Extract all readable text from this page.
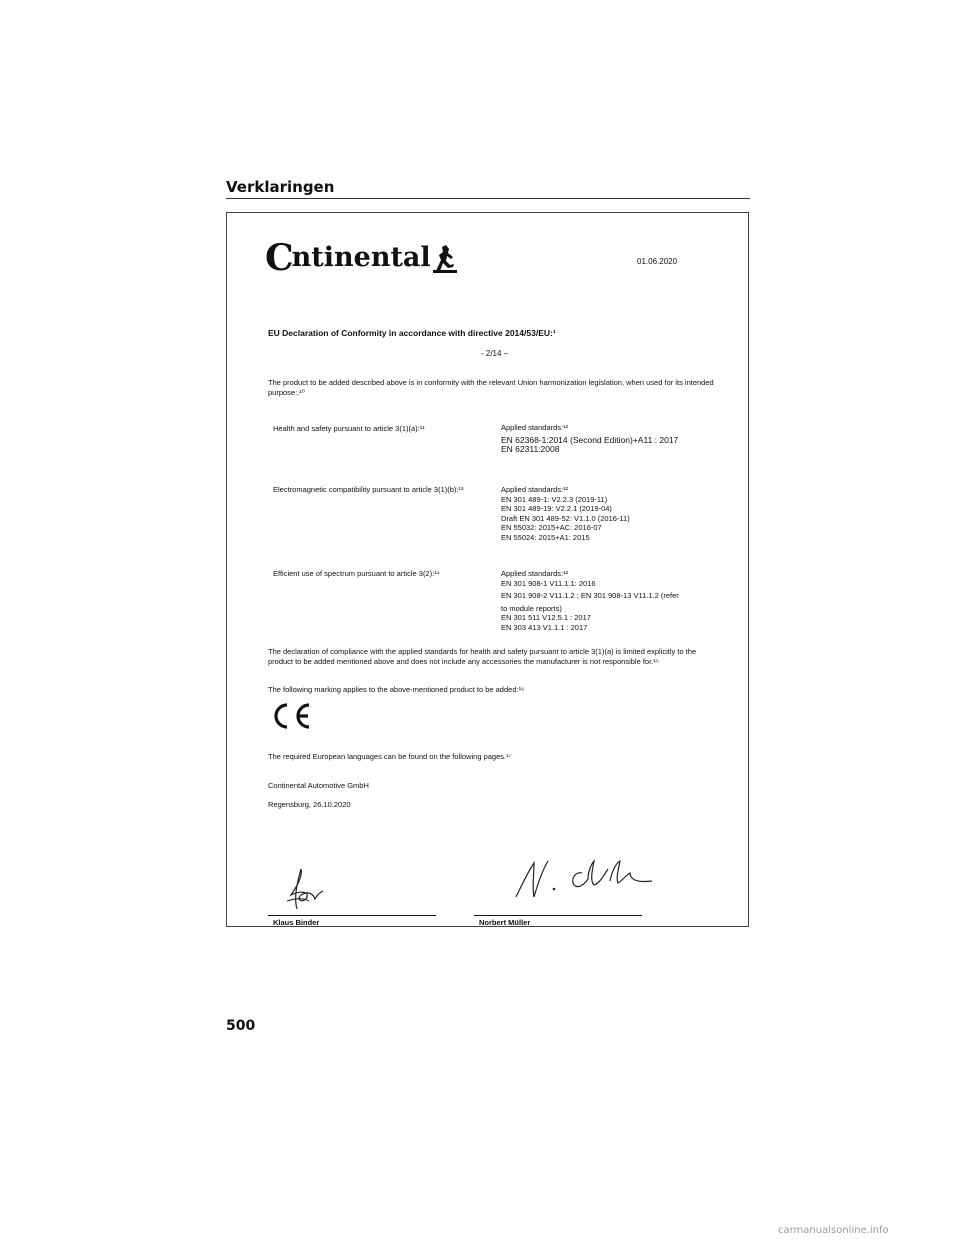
Verklaringen
C
ntinental	01.06.2020
EU Declaration of Conformity in accordance with directive 2014/53/EU:¹
- 2/14 –
The product to be added described above is in conformity with the relevant Union harmonization legislation, when used for its intended purpose:.¹⁰
Health and safety pursuant to article 3(1)(a):¹¹	Applied standards:¹²
EN 62368-1:2014 (Second Edition)+A11 : 2017
EN 62311:2008
Electromagnetic compatibility pursuant to article 3(1)(b):¹³	Applied standards:¹²
EN 301 489-1: V2.2.3 (2019-11)
EN 301 489-19: V2.2.1 (2019-04)
Draft EN 301 489-52: V1.1.0 (2016-11)
EN 55032: 2015+AC: 2016-07
EN 55024: 2015+A1: 2015
Efficient use of spectrum pursuant to article 3(2):¹⁴	Applied standards:¹²
EN 301 908-1 V11.1.1: 2016
EN 301 908-2 V11.1.2 ; EN 301 908-13 V11.1.2 (refer
to module reports)
EN 301 511 V12.5.1 : 2017
EN 303 413 V1.1.1 : 2017
The declaration of compliance with the applied standards for health and safety pursuant to article 3(1)(a) is limited explicitly to the product to be added mentioned above and does not include any accessories the manufacturer is not responsible for.¹⁵
The following marking applies to the above-mentioned product to be added:¹⁶
The required European languages can be found on the following pages.¹⁷
Continental Automotive GmbH
Regensburg, 26.10.2020
Klaus Binder	Norbert Müller
500
carmanualsonline.info
